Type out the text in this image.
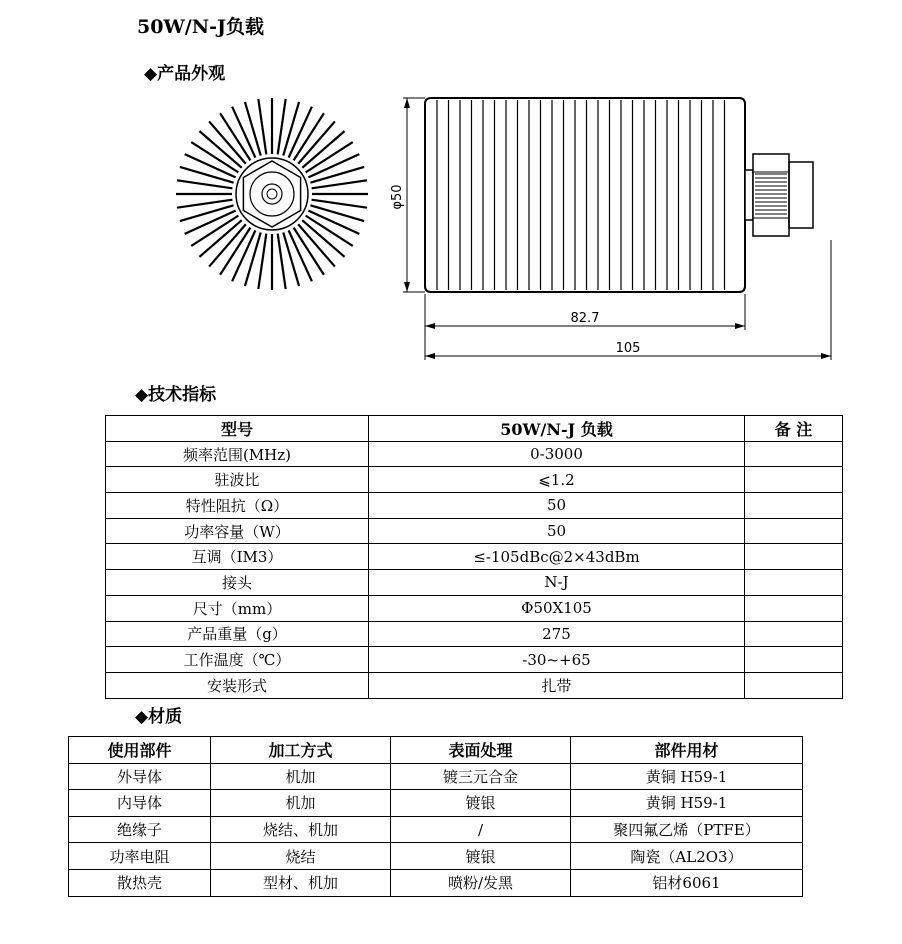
50W/N-J负载
◆产品外观
φ50
82.7
105
◆技术指标
型号	50W/N-J 负载	备 注
频率范围(MHz)	0-3000	
驻波比	⩽1.2	
特性阻抗（Ω）	50	
功率容量（W）	50	
互调（IM3）	≤-105dBc@2×43dBm	
接头	N-J	
尺寸（mm）	Φ50X105	
产品重量（g）	275	
工作温度（℃）	-30~+65	
安装形式	扎带	
◆材质
使用部件	加工方式	表面处理	部件用材
外导体	机加	镀三元合金	黄铜 H59-1
内导体	机加	镀银	黄铜 H59-1
绝缘子	烧结、机加	/	聚四氟乙烯（PTFE）
功率电阻	烧结	镀银	陶瓷（AL2O3）
散热壳	型材、机加	喷粉/发黑	铝材6061
